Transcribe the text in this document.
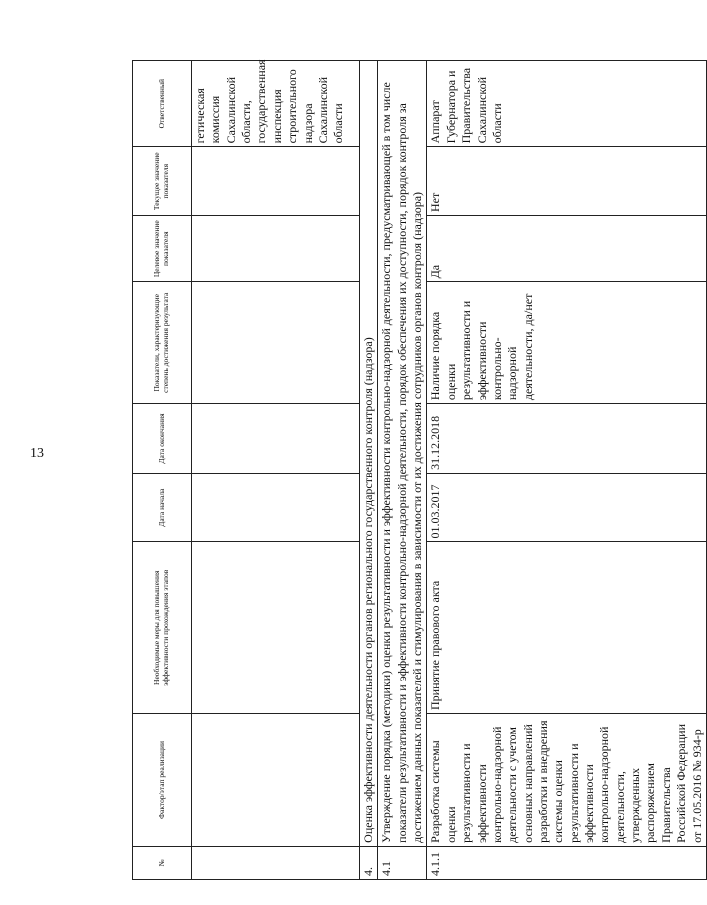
13
№	Фактор/этап реализации	Необходимые меры для повышения эффективности прохождения этапов	Дата начала	Дата окончания	Показатели, характеризующие степень достижения результата	Целевое значение показателя	Текущее значение показателя	Ответственный
								гетическая комиссия Сахалинской области, государственная инспекция строительного надзора Сахалинской области
4.	Оценка эффективности деятельности органов регионального государственного контроля (надзора)							
4.1	Утверждение порядка (методики) оценки результативности и эффективности контрольно-надзорной деятельности, предусматривающей в том числе показатели результативности и эффективности контрольно-надзорной деятельности, порядок обеспечения их доступности, порядок контроля за достижением данных показателей и стимулирования в зависимости от их достижения сотрудников органов контроля (надзора)							
4.1.1	Разработка системы оценки результативности и эффективности контрольно-надзорной деятельности с учетом основных направлений разработки и внедрения системы оценки результативности и эффективности контрольно-надзорной деятельности, утвержденных распоряжением Правительства Российской Федерации от 17.05.2016 № 934-р	Принятие правового акта	01.03.2017	31.12.2018	Наличие порядка оценки результативности и эффективности контрольно-надзорной деятельности, да/нет	Да	Нет	Аппарат Губернатора и Правительства Сахалинской области
